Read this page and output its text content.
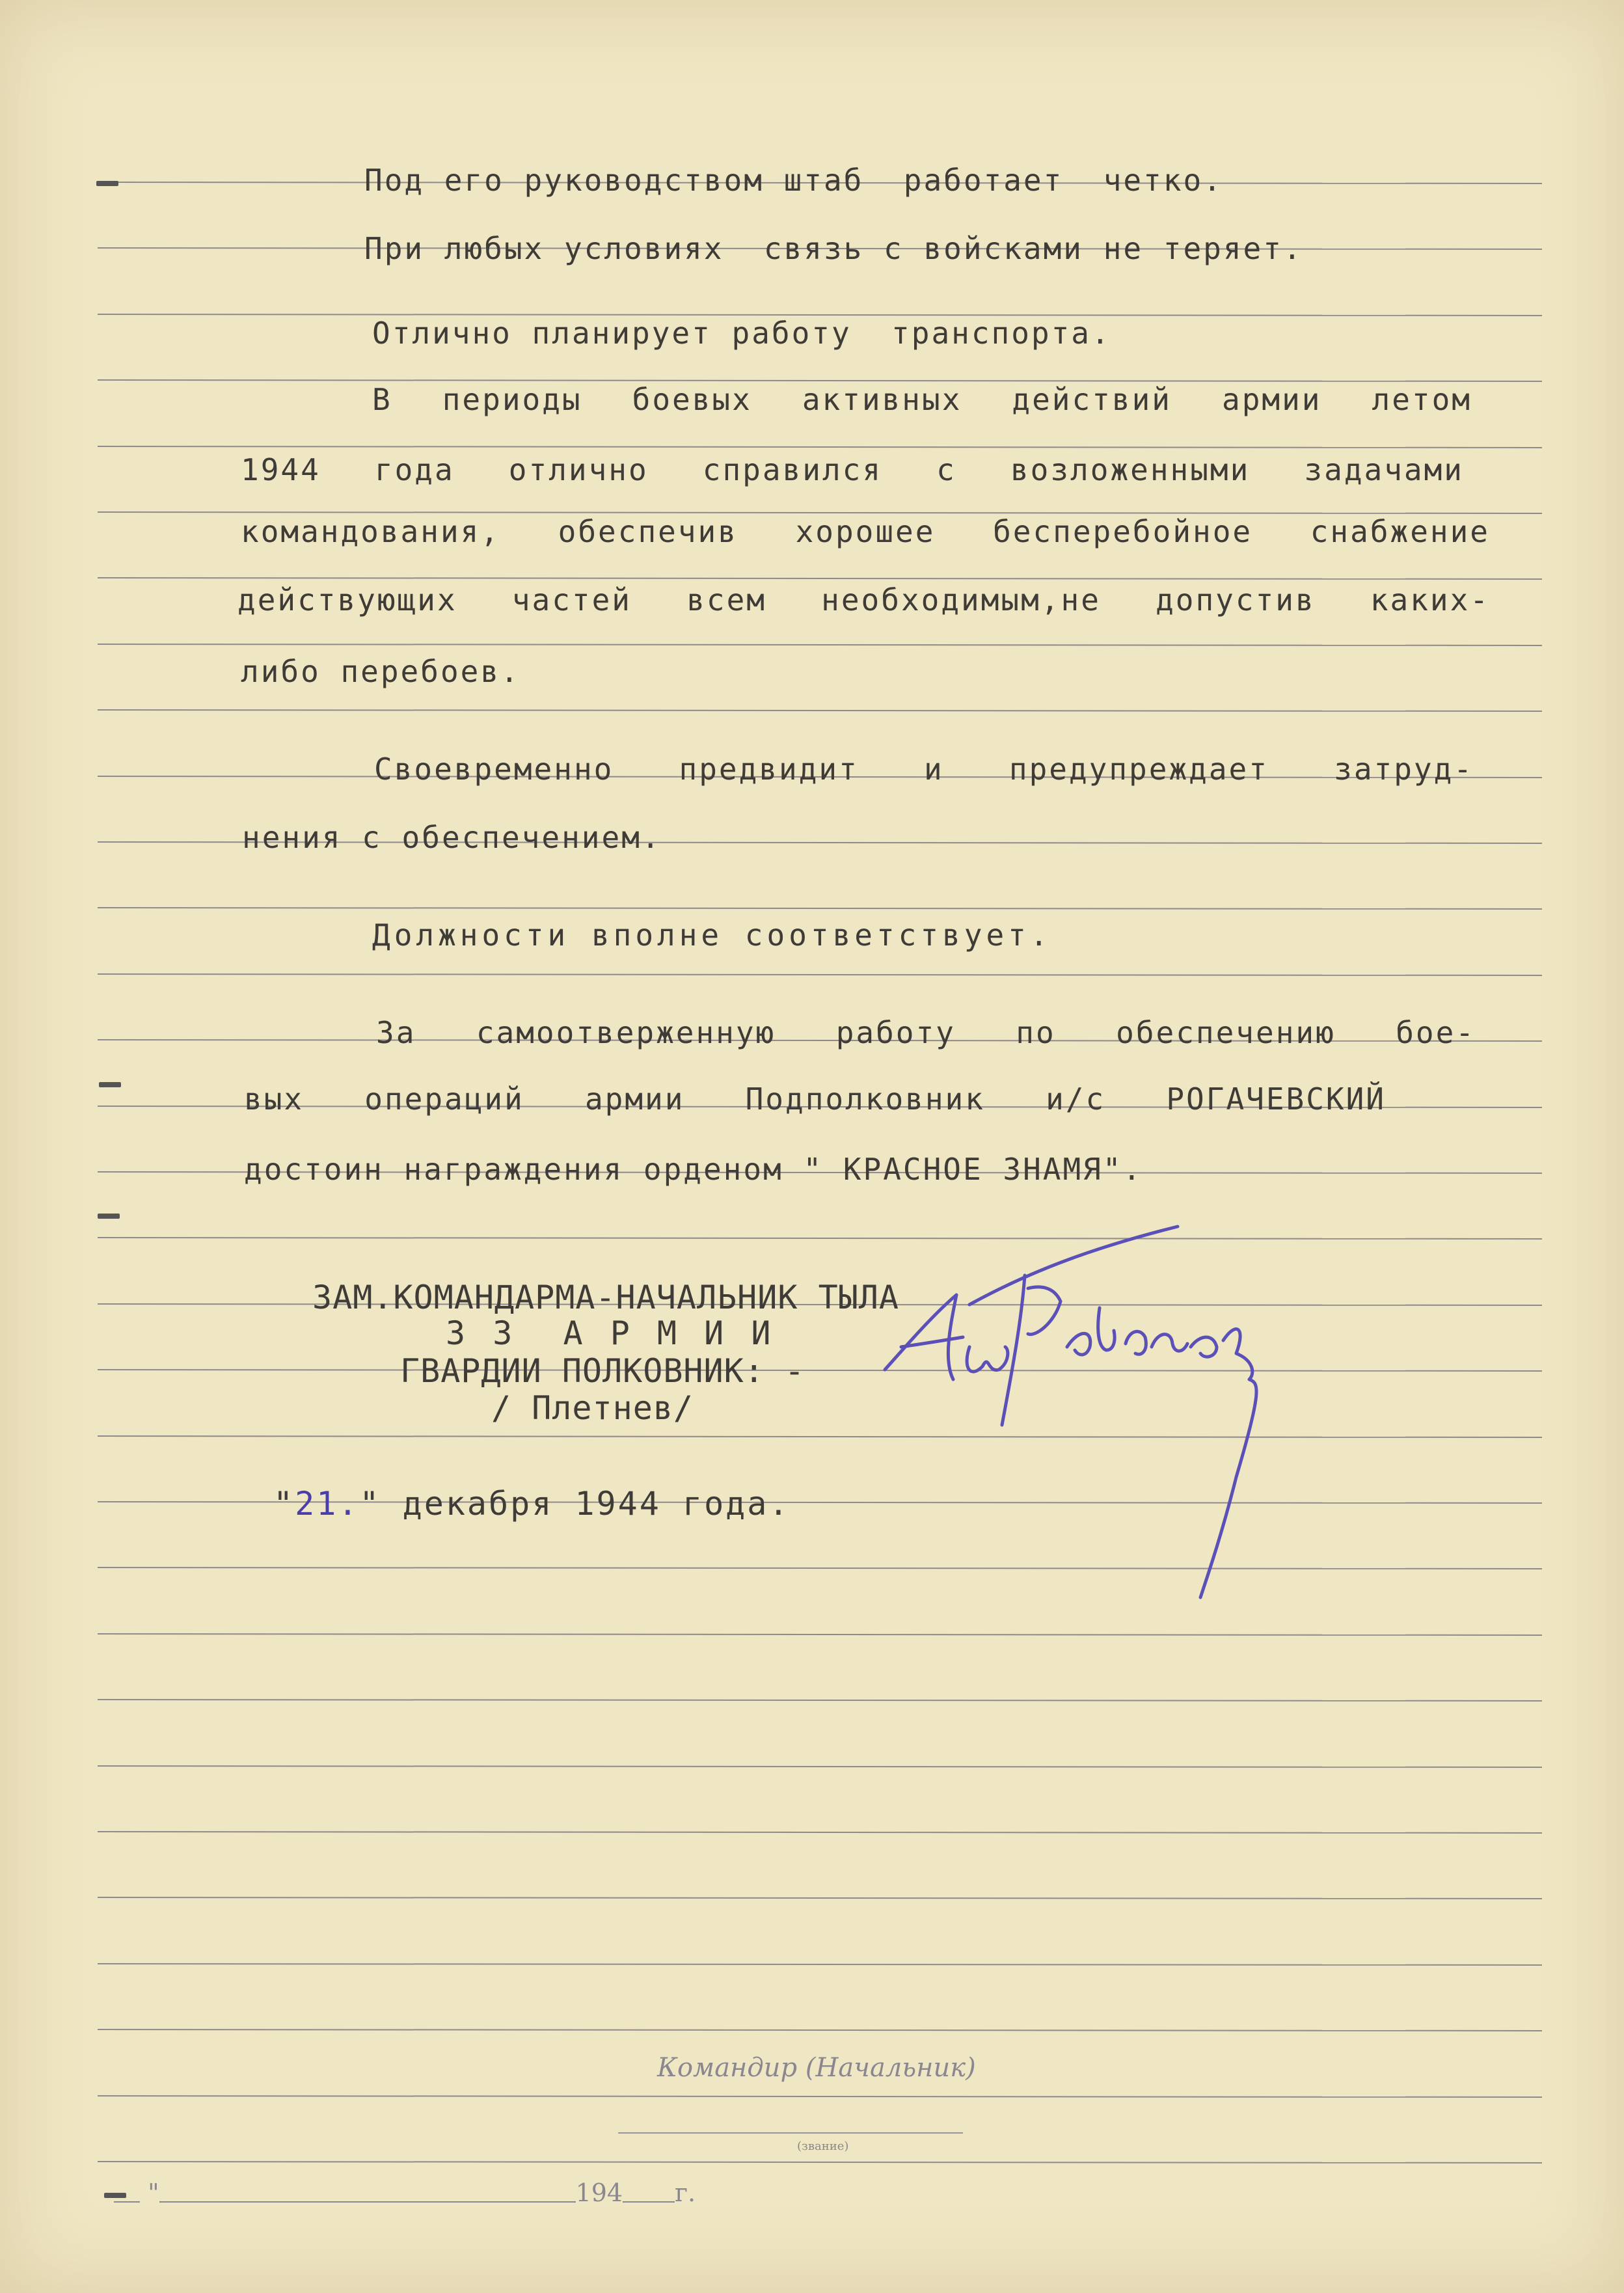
Под его руководством штаб  работает  четко.
При любых условиях  связь с войсками не теряет.
Отлично планирует работу  транспорта.
В периоды боевых активных действий армии летом
1944 года отлично справился с возложенными задачами
командования, обеспечив хорошее бесперебойное снабжение
действующих частей всем необходимым,не допустив каких-
либо перебоев.
Своевременно предвидит и предупреждает затруд-
нения с обеспечением.
Должности вполне соответствует.
За самоотверженную работу по обеспечению бое-
вых операций армии Подполковник и/с РОГАЧЕВСКИЙ
достоин награждения орденом " КРАСНОЕ ЗНАМЯ".
ЗАМ.КОМАНДАРМА-НАЧАЛЬНИК ТЫЛА
3 3  А Р М И И
ГВАРДИИ ПОЛКОВНИК: -
/ Плетнев/
"21." декабря 1944 года.
Командир (Начальник)
(звание)
"	194 г.
